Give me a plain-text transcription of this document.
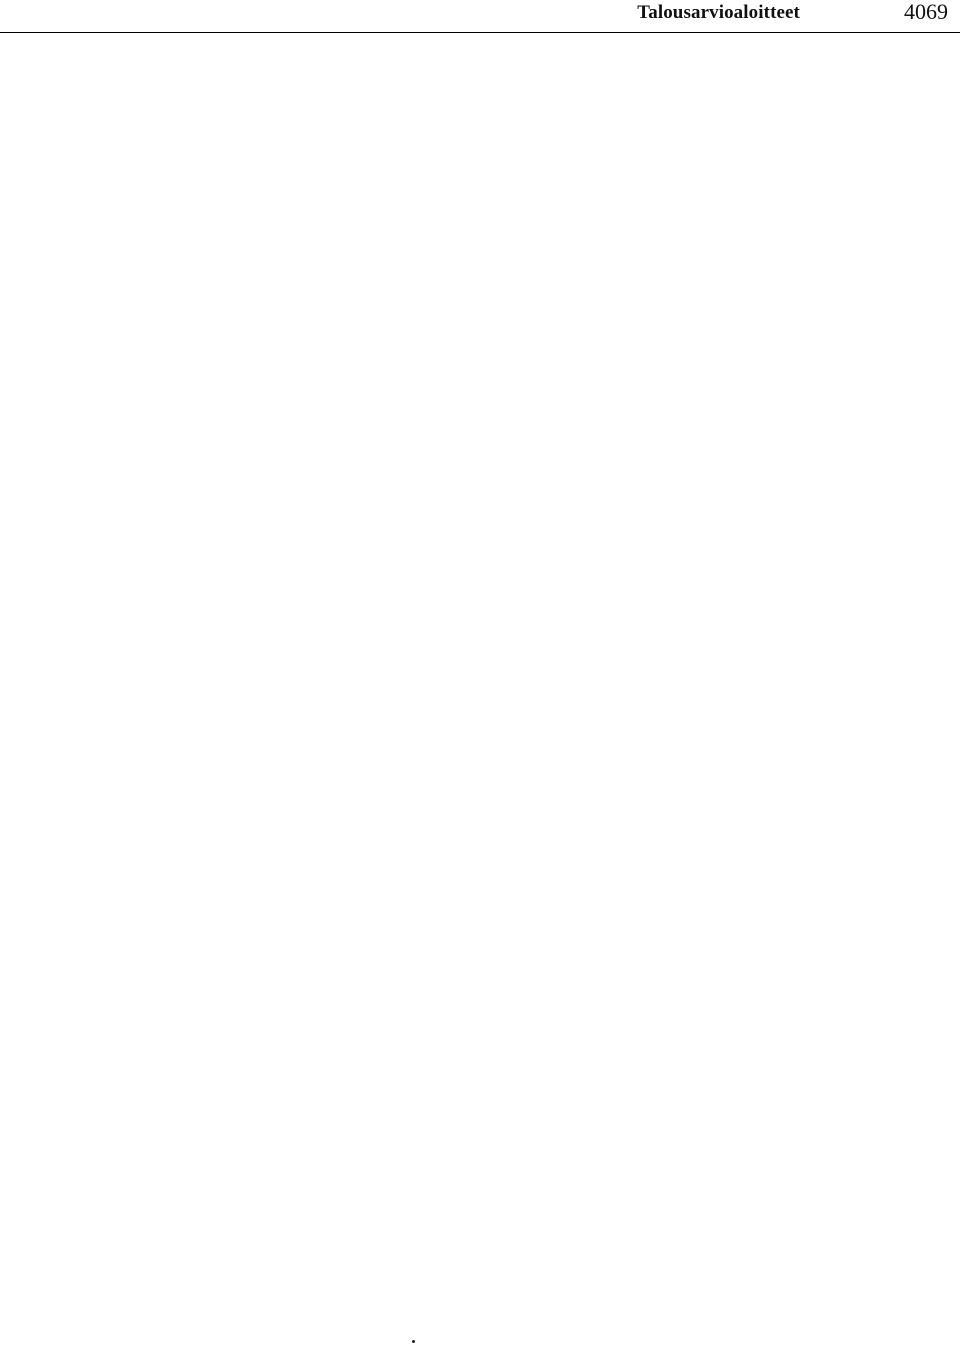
Talousarvioaloitteet	4069
